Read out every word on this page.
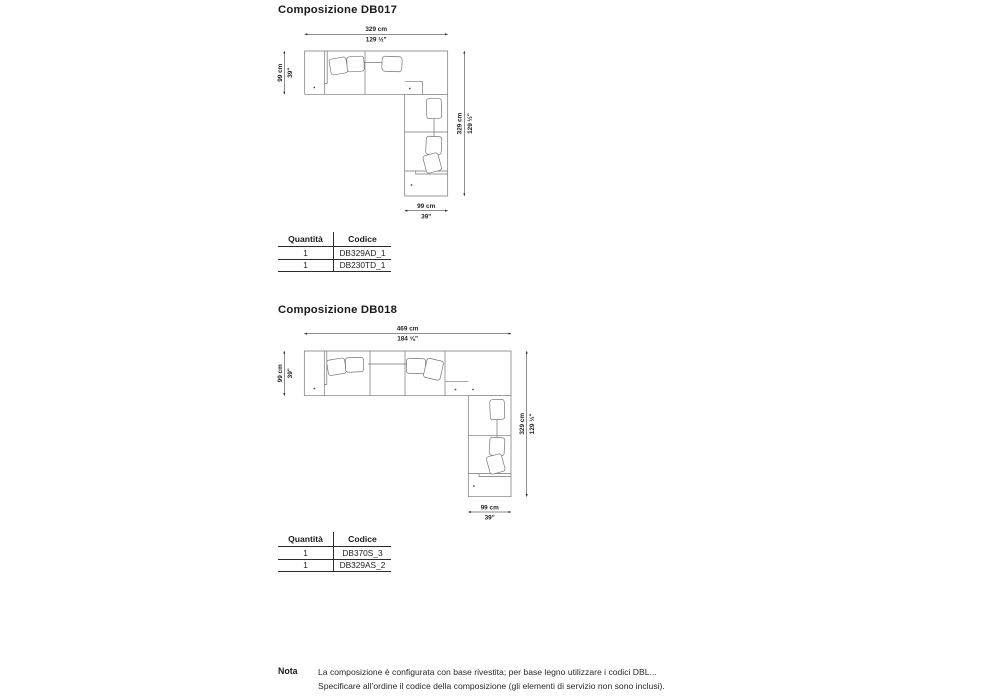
Composizione DB017
329 cm
129 ½"
99 cm 39"
329 cm 129 ½"
99 cm
39"
Quantità	Codice
1	DB329AD_1
1	DB230TD_1
Composizione DB018
469 cm
184 ⅝"
99 cm 39"
329 cm 129 ½"
99 cm
39"
Quantità	Codice
1	DB370S_3
1	DB329AS_2
Nota La composizione è configurata con base rivestita; per base legno utilizzare i codici DBL...
Specificare all’ordine il codice della composizione (gli elementi di servizio non sono inclusi).
